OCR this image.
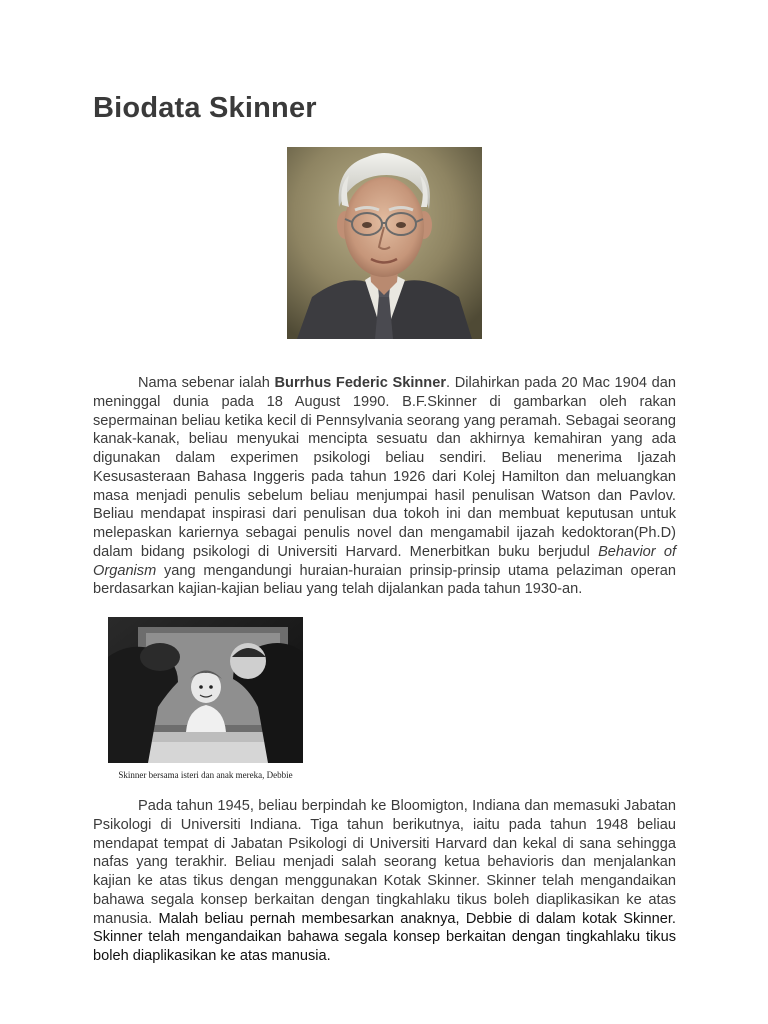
Biodata Skinner

Nama sebenar ialah Burrhus Federic Skinner. Dilahirkan pada 20 Mac 1904 dan meninggal dunia pada 18 August 1990. B.F.Skinner di gambarkan oleh rakan sepermainan beliau ketika kecil di Pennsylvania seorang yang peramah. Sebagai seorang kanak-kanak, beliau menyukai mencipta sesuatu dan akhirnya kemahiran yang ada digunakan dalam experimen psikologi beliau sendiri. Beliau menerima Ijazah Kesusasteraan Bahasa Inggeris pada tahun 1926 dari Kolej Hamilton dan meluangkan masa menjadi penulis sebelum beliau menjumpai hasil penulisan Watson dan Pavlov. Beliau mendapat inspirasi dari penulisan dua tokoh ini dan membuat keputusan untuk melepaskan kariernya sebagai penulis novel dan mengamabil ijazah kedoktoran(Ph.D) dalam bidang psikologi di Universiti Harvard. Menerbitkan buku berjudul Behavior of Organism yang mengandungi huraian-huraian prinsip-prinsip utama pelaziman operan berdasarkan kajian-kajian beliau yang telah dijalankan pada tahun 1930-an.

Skinner bersama isteri dan anak mereka, Debbie

Pada tahun 1945, beliau berpindah ke Bloomigton, Indiana dan memasuki Jabatan Psikologi di Universiti Indiana. Tiga tahun berikutnya, iaitu pada tahun 1948 beliau mendapat tempat di Jabatan Psikologi di Universiti Harvard dan kekal di sana sehingga nafas yang terakhir. Beliau menjadi salah seorang ketua behavioris dan menjalankan kajian ke atas tikus dengan menggunakan Kotak Skinner. Skinner telah mengandaikan bahawa segala konsep berkaitan dengan tingkahlaku tikus boleh diaplikasikan ke atas manusia. Malah beliau pernah membesarkan anaknya, Debbie di dalam kotak Skinner. Skinner telah mengandaikan bahawa segala konsep berkaitan dengan tingkahlaku tikus boleh diaplikasikan ke atas manusia.
